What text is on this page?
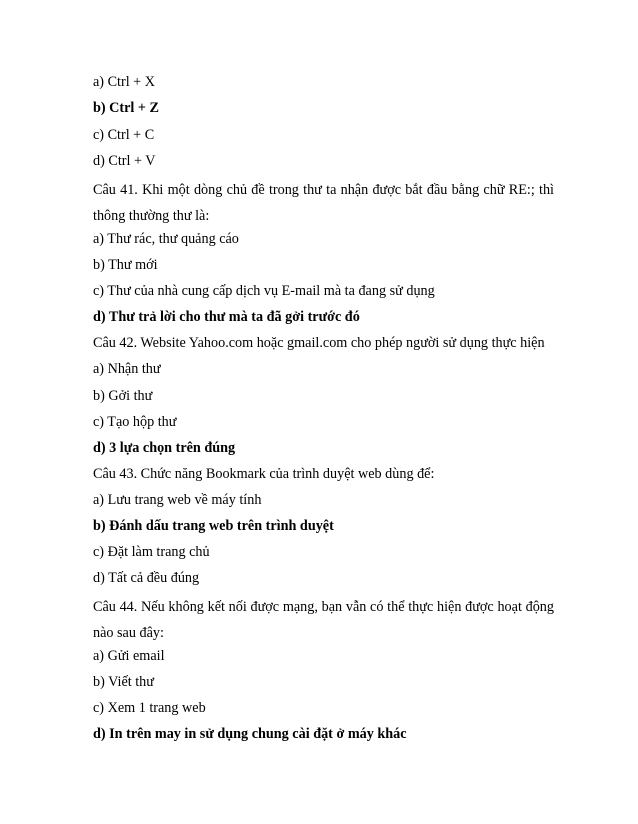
a) Ctrl + X
b) Ctrl + Z
c) Ctrl + C
d) Ctrl + V
Câu 41. Khi một dòng chủ đề trong thư ta nhận được bắt đầu bằng chữ RE:; thì thông thường thư là:
a) Thư rác, thư quảng cáo
b) Thư mới
c) Thư của nhà cung cấp dịch vụ E-mail mà ta đang sử dụng
d) Thư trả lời cho thư mà ta đã gởi trước đó
Câu 42. Website Yahoo.com hoặc gmail.com cho phép người sử dụng thực hiện
a) Nhận thư
b) Gởi thư
c) Tạo hộp thư
d) 3 lựa chọn trên đúng
Câu 43. Chức năng Bookmark của trình duyệt web dùng để:
a) Lưu trang web về máy tính
b) Đánh dấu trang web trên trình duyệt
c) Đặt làm trang chủ
d) Tất cả đều đúng
Câu 44. Nếu không kết nối được mạng, bạn vẫn có thể thực hiện được hoạt động nào sau đây:
a) Gửi email
b) Viết thư
c) Xem 1 trang web
d) In trên may in sử dụng chung cài đặt ở máy khác
